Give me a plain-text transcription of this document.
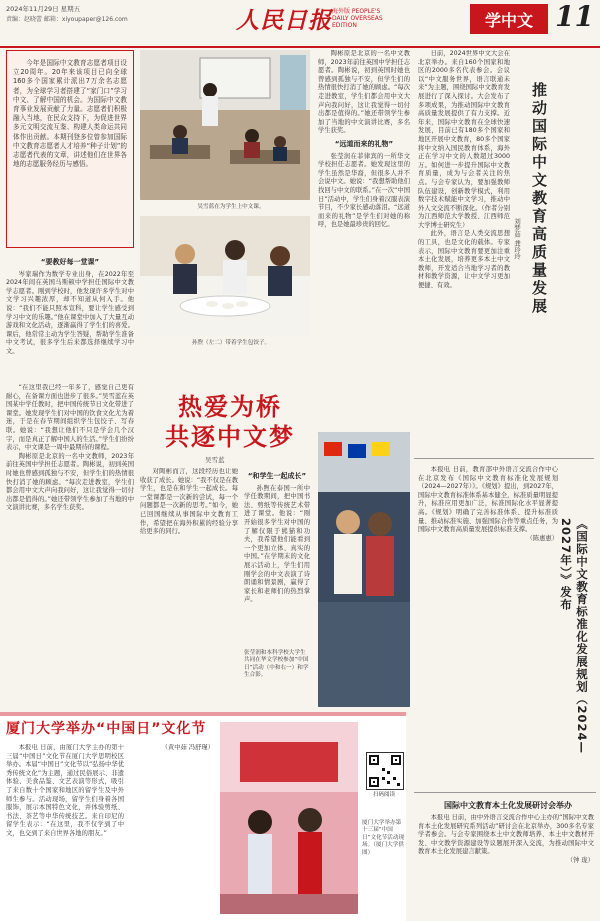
2024年11月29日 星期五
责编：赵晓蕾 邮箱：xiyoupaper@126.com	人民日报 海外版 PEOPLE'S DAILY OVERSEAS EDITION	学中文 11
今年是国际中文教育志愿者项目设立20周年。20年来该项目已向全球160多个国家累计派出7万余名志愿者，为全球学习者搭建了“家门口”学习中文、了解中国的机会。为国际中文教育事业发展贡献了力量。志愿者们积极融入当地，在民众支持下，为促进世界多元文明交流互鉴、构建人类命运共同体作出贡献。本期刊登多位曾参加国际中文教育志愿者人才培养“种子计划”的志愿者代表的文章，讲述他们在世界各地的志愿服务经历与感悟。
“要教好每一堂课”

岑家瑞作为数学专业出身，在2022年至2024年间在英国马斯顿中学担任国际中文教学志愿者。刚到学校时，他发现许多学生对中文学习兴趣浓厚，却不知道从何入手。他说：“我们不能只照本宣科，要让学生感受到学习中文的乐趣。”他在课堂中加入了大量互动游戏和文化活动，逐渐赢得了学生们的喜爱。课后，他常常主动为学生答疑，帮助学生准备中文考试，很多学生后来都选择继续学习中文。

“在这里我已经一年多了，感觉自己更有耐心，在备课方面也进步了很多。”吴雪蓝在英国某中学任教时，把中国传统节日文化带进了课堂。她发现学生们对中国的饮食文化尤为着迷，于是在春节期间组织学生包饺子、写春联。她说：“我想让他们不只是学会几个汉字，而是真正了解中国人的生活。”学生们纷纷表示，中文课是一周中最期待的课程。

陶彬原是北京的一名中文教师，2023年前往英国中学担任志愿者。陶彬说，初到英国时她也曾感到孤独与不安，但学生们的热情很快打消了她的顾虑。“每次走进教室，学生们都会用中文大声向我问好，这让我觉得一切付出都是值得的。”她还带领学生参加了当地的中文演讲比赛，多名学生获奖。

吴雪蓝在为学生上中文课。
孙煦（左二）带着学生包饺子。
热爱为桥
共逐中文梦
吴雪蓝

对陶彬而言，这段经历也让她收获了成长。她说：“我不仅是在教学生，也是在和学生一起成长。每一堂课都是一次新的尝试，每一个问题都是一次新的思考。”如今，她已回国继续从事国际中文教育工作，希望把在海外积累的经验分享给更多的同行。

“和学生一起成长”

孙煦在泰国一所中学任教期间，把中国书法、剪纸等传统艺术带进了课堂。他说：“刚开始很多学生对中国的了解仅限于熊猫和功夫，我希望他们能看到一个更加立体、真实的中国。”在学期末的文化展示活动上，学生们用刚学会的中文表演了诗朗诵和情景剧，赢得了家长和老师们的热烈掌声。

陶彬原是北京的一名中文教师，2023年前往英国中学担任志愿者。陶彬说，初到英国时她也曾感到孤独与不安，但学生们的热情很快打消了她的顾虑。“每次走进教室，学生们都会用中文大声向我问好，这让我觉得一切付出都是值得的。”她还带领学生参加了当地的中文演讲比赛，多名学生获奖。

“远道而来的礼物”

张莹润在菲律宾的一所华文学校担任志愿者。她发现这里的学生虽然是华裔，但很多人并不会说中文。她说：“我想帮助他们找回与中文的联系。”在一次“中国日”活动中，学生们身着汉服表演节目，不少家长感动落泪。“远道而来的礼物”是学生们对她的称呼，也是她最珍贵的回忆。	推动国际中文教育高质量发展
刘梦茹 龚玲玲

日前，2024世界中文大会在北京举办。来自160个国家和地区的2000多名代表参会。会议以“中文服务世界，语言联通未来”为主题，围绕国际中文教育发展进行了深入探讨。大会发布了多项成果，为推动国际中文教育高质量发展提供了有力支撑。近年来，国际中文教育在全球快速发展，目前已有180多个国家和地区开展中文教育，80多个国家将中文纳入国民教育体系，海外正在学习中文的人数超过3000万。如何进一步提升国际中文教育质量，成为与会者关注的焦点。与会专家认为，要加强教师队伍建设，创新教学模式，利用数字技术赋能中文学习，推动中外人文交流不断深化。（作者分别为江西师范大学教授、江西师范大学博士研究生）

此外，语言是人类交流思想的工具，也是文化的载体。专家表示，国际中文教育要更加注重本土化发展，培养更多本土中文教师，开发适合当地学习者的教材和教学资源，让中文学习更加便捷、有效。

《国际中文教育标准化发展规划（2024—2027年）》发布

本报电 日前，教育部中外语言交流合作中心在北京发布《国际中文教育标准化发展规划（2024—2027年）》。《规划》提出，到2027年，国际中文教育标准体系基本健全，标准质量明显提升，标准应用更加广泛，标准国际化水平显著提高。《规划》明确了完善标准体系、提升标准质量、推动标准实施、加强国际合作等重点任务，为国际中文教育高质量发展提供标准支撑。

（陈惠惠）
厦门大学举办“中国日”文化节

本报电 日前，由厦门大学主办的第十三届“中国日”文化节在厦门大学思明校区举办。本届“中国日”文化节以“弘扬中华优秀传统文化”为主题，通过民俗展示、非遗体验、美食品鉴、文艺表演等形式，吸引了来自数十个国家和地区的留学生及中外师生参与。活动现场，留学生们身着各国服饰，展示本国特色文化，并体验剪纸、书法、茶艺等中华传统技艺。来自印尼的留学生表示：“在这里，我不仅学到了中文，也交到了来自世界各地的朋友。”

（黄中茹 冯舒瑾）
厦门大学举办第十三届“中国日”文化节活动现场。（厦门大学供图）
国际中文教育本土化发展研讨会举办

本报电 日前，由中外语言交流合作中心主办的“国际中文教育本土化发展研究系列活动”研讨会在北京举办，300多名专家学者参会。与会专家围绕本土中文教师培养、本土中文教材开发、中文教学资源建设等议题展开深入交流，为推动国际中文教育本土化发展建言献策。

（钟 珑）
张莹润和本科学校大学生共同在华文学校参加“中国日”活动（中和右一）和学生合影。
扫码阅读
